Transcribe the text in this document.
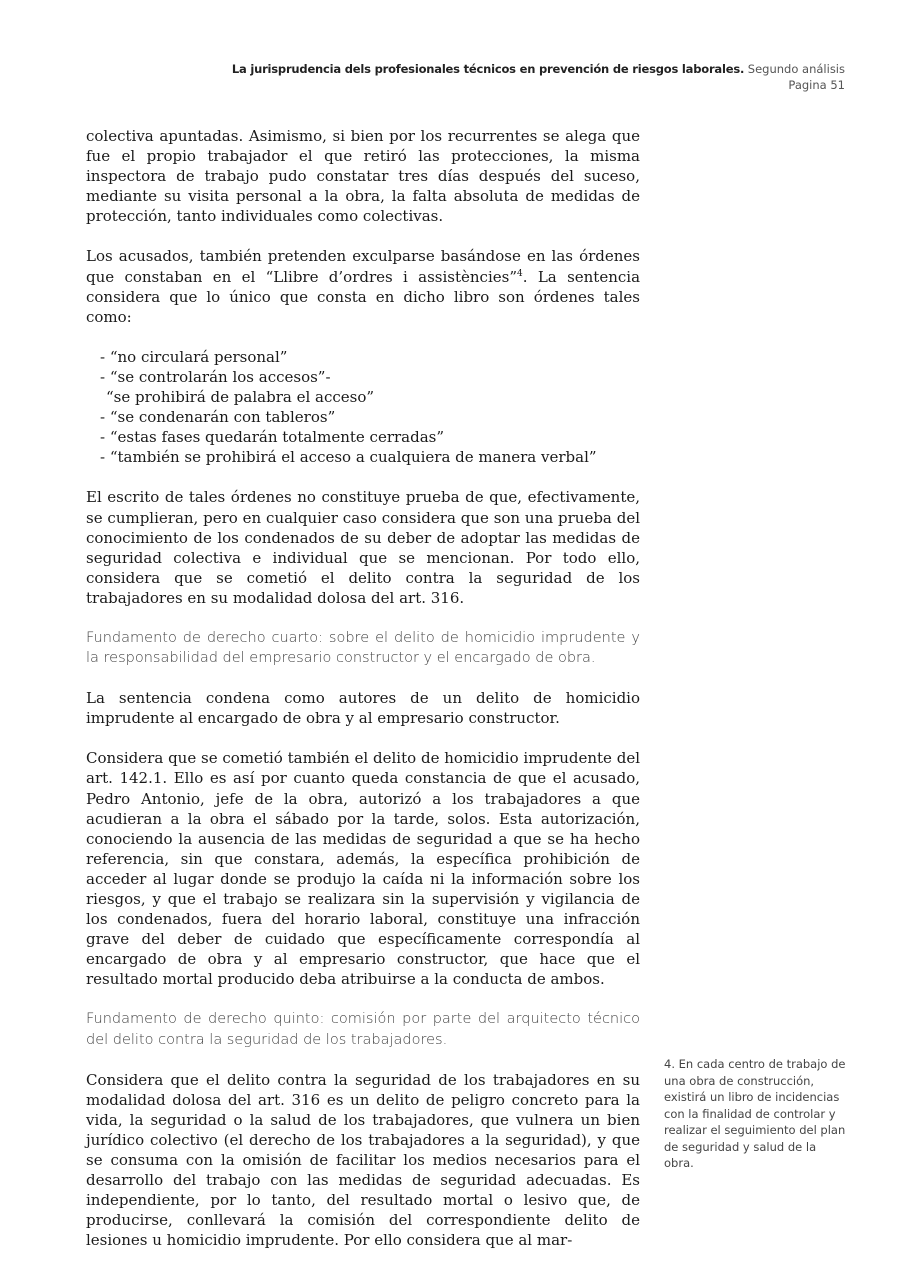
La jurisprudencia dels profesionales técnicos en prevención de riesgos laborales. Segundo análisis
Pagina 51

colectiva apuntadas. Asimismo, si bien por los recurrentes se alega que fue el propio trabajador el que retiró las protecciones, la misma inspectora de trabajo pudo constatar tres días después del suceso, mediante su visita personal a la obra, la falta absoluta de medidas de protección, tanto individuales como colectivas.

Los acusados, también pretenden exculparse basándose en las órdenes que constaban en el “Llibre d’ordres i assistències”$^4$. La sentencia considera que lo único que consta en dicho libro son órdenes tales como:

- “no circulará personal”
- “se controlarán los accesos”-
“se prohibirá de palabra el acceso”
- “se condenarán con tableros”
- “estas fases quedarán totalmente cerradas”
- “también se prohibirá el acceso a cualquiera de manera verbal”

El escrito de tales órdenes no constituye prueba de que, efectivamente, se cumplieran, pero en cualquier caso considera que son una prueba del conocimiento de los condenados de su deber de adoptar las medidas de seguridad colectiva e individual que se mencionan. Por todo ello, considera que se cometió el delito contra la seguridad de los trabajadores en su modalidad dolosa del art. 316.

Fundamento de derecho cuarto: sobre el delito de homicidio imprudente y la responsabilidad del empresario constructor y el encargado de obra.

La sentencia condena como autores de un delito de homicidio imprudente al encargado de obra y al empresario constructor.

Considera que se cometió también el delito de homicidio imprudente del art. 142.1. Ello es así por cuanto queda constancia de que el acusado, Pedro Antonio, jefe de la obra, autorizó a los trabajadores a que acudieran a la obra el sábado por la tarde, solos. Esta autorización, conociendo la ausencia de las medidas de seguridad a que se ha hecho referencia, sin que constara, además, la específica prohibición de acceder al lugar donde se produjo la caída ni la información sobre los riesgos, y que el trabajo se realizara sin la supervisión y vigilancia de los condenados, fuera del horario laboral, constituye una infracción grave del deber de cuidado que específicamente correspondía al encargado de obra y al empresario constructor, que hace que el resultado mortal producido deba atribuirse a la conducta de ambos.

Fundamento de derecho quinto: comisión por parte del arquitecto técnico del delito contra la seguridad de los trabajadores.

Considera que el delito contra la seguridad de los trabajadores en su modalidad dolosa del art. 316 es un delito de peligro concreto para la vida, la seguridad o la salud de los trabajadores, que vulnera un bien jurídico colectivo (el derecho de los trabajadores a la seguridad), y que se consuma con la omisión de facilitar los medios necesarios para el desarrollo del trabajo con las medidas de seguridad adecuadas. Es independiente, por lo tanto, del resultado mortal o lesivo que, de producirse, conllevará la comisión del correspondiente delito de lesiones u homicidio imprudente. Por ello considera que al mar-

4. En cada centro de trabajo de una obra de construcción, existirá un libro de incidencias con la finalidad de controlar y realizar el seguimiento del plan de seguridad y salud de la obra.
